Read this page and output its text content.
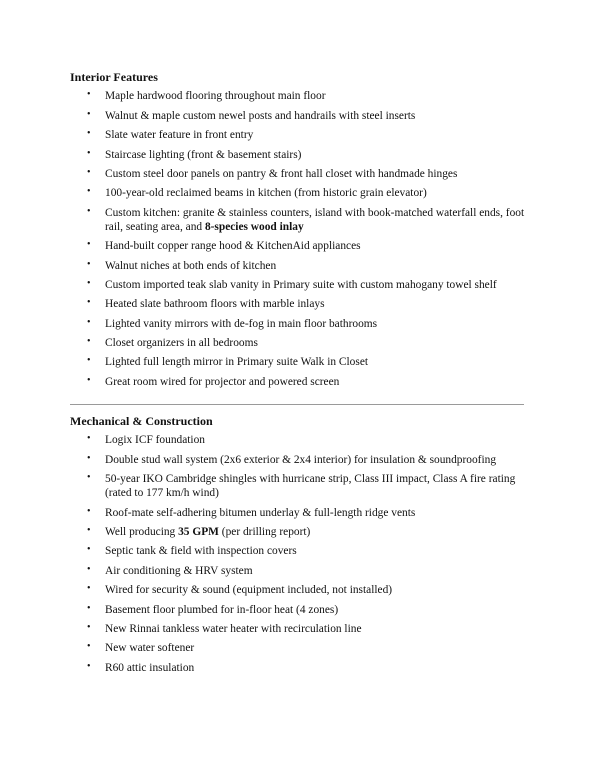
Interior Features

• Maple hardwood flooring throughout main floor
• Walnut & maple custom newel posts and handrails with steel inserts
• Slate water feature in front entry
• Staircase lighting (front & basement stairs)
• Custom steel door panels on pantry & front hall closet with handmade hinges
• 100-year-old reclaimed beams in kitchen (from historic grain elevator)
• Custom kitchen: granite & stainless counters, island with book-matched waterfall ends, foot rail, seating area, and 8-species wood inlay
• Hand-built copper range hood & KitchenAid appliances
• Walnut niches at both ends of kitchen
• Custom imported teak slab vanity in Primary suite with custom mahogany towel shelf
• Heated slate bathroom floors with marble inlays
• Lighted vanity mirrors with de-fog in main floor bathrooms
• Closet organizers in all bedrooms
• Lighted full length mirror in Primary suite Walk in Closet
• Great room wired for projector and powered screen

Mechanical & Construction

• Logix ICF foundation
• Double stud wall system (2x6 exterior & 2x4 interior) for insulation & soundproofing
• 50-year IKO Cambridge shingles with hurricane strip, Class III impact, Class A fire rating (rated to 177 km/h wind)
• Roof-mate self-adhering bitumen underlay & full-length ridge vents
• Well producing 35 GPM (per drilling report)
• Septic tank & field with inspection covers
• Air conditioning & HRV system
• Wired for security & sound (equipment included, not installed)
• Basement floor plumbed for in-floor heat (4 zones)
• New Rinnai tankless water heater with recirculation line
• New water softener
• R60 attic insulation
